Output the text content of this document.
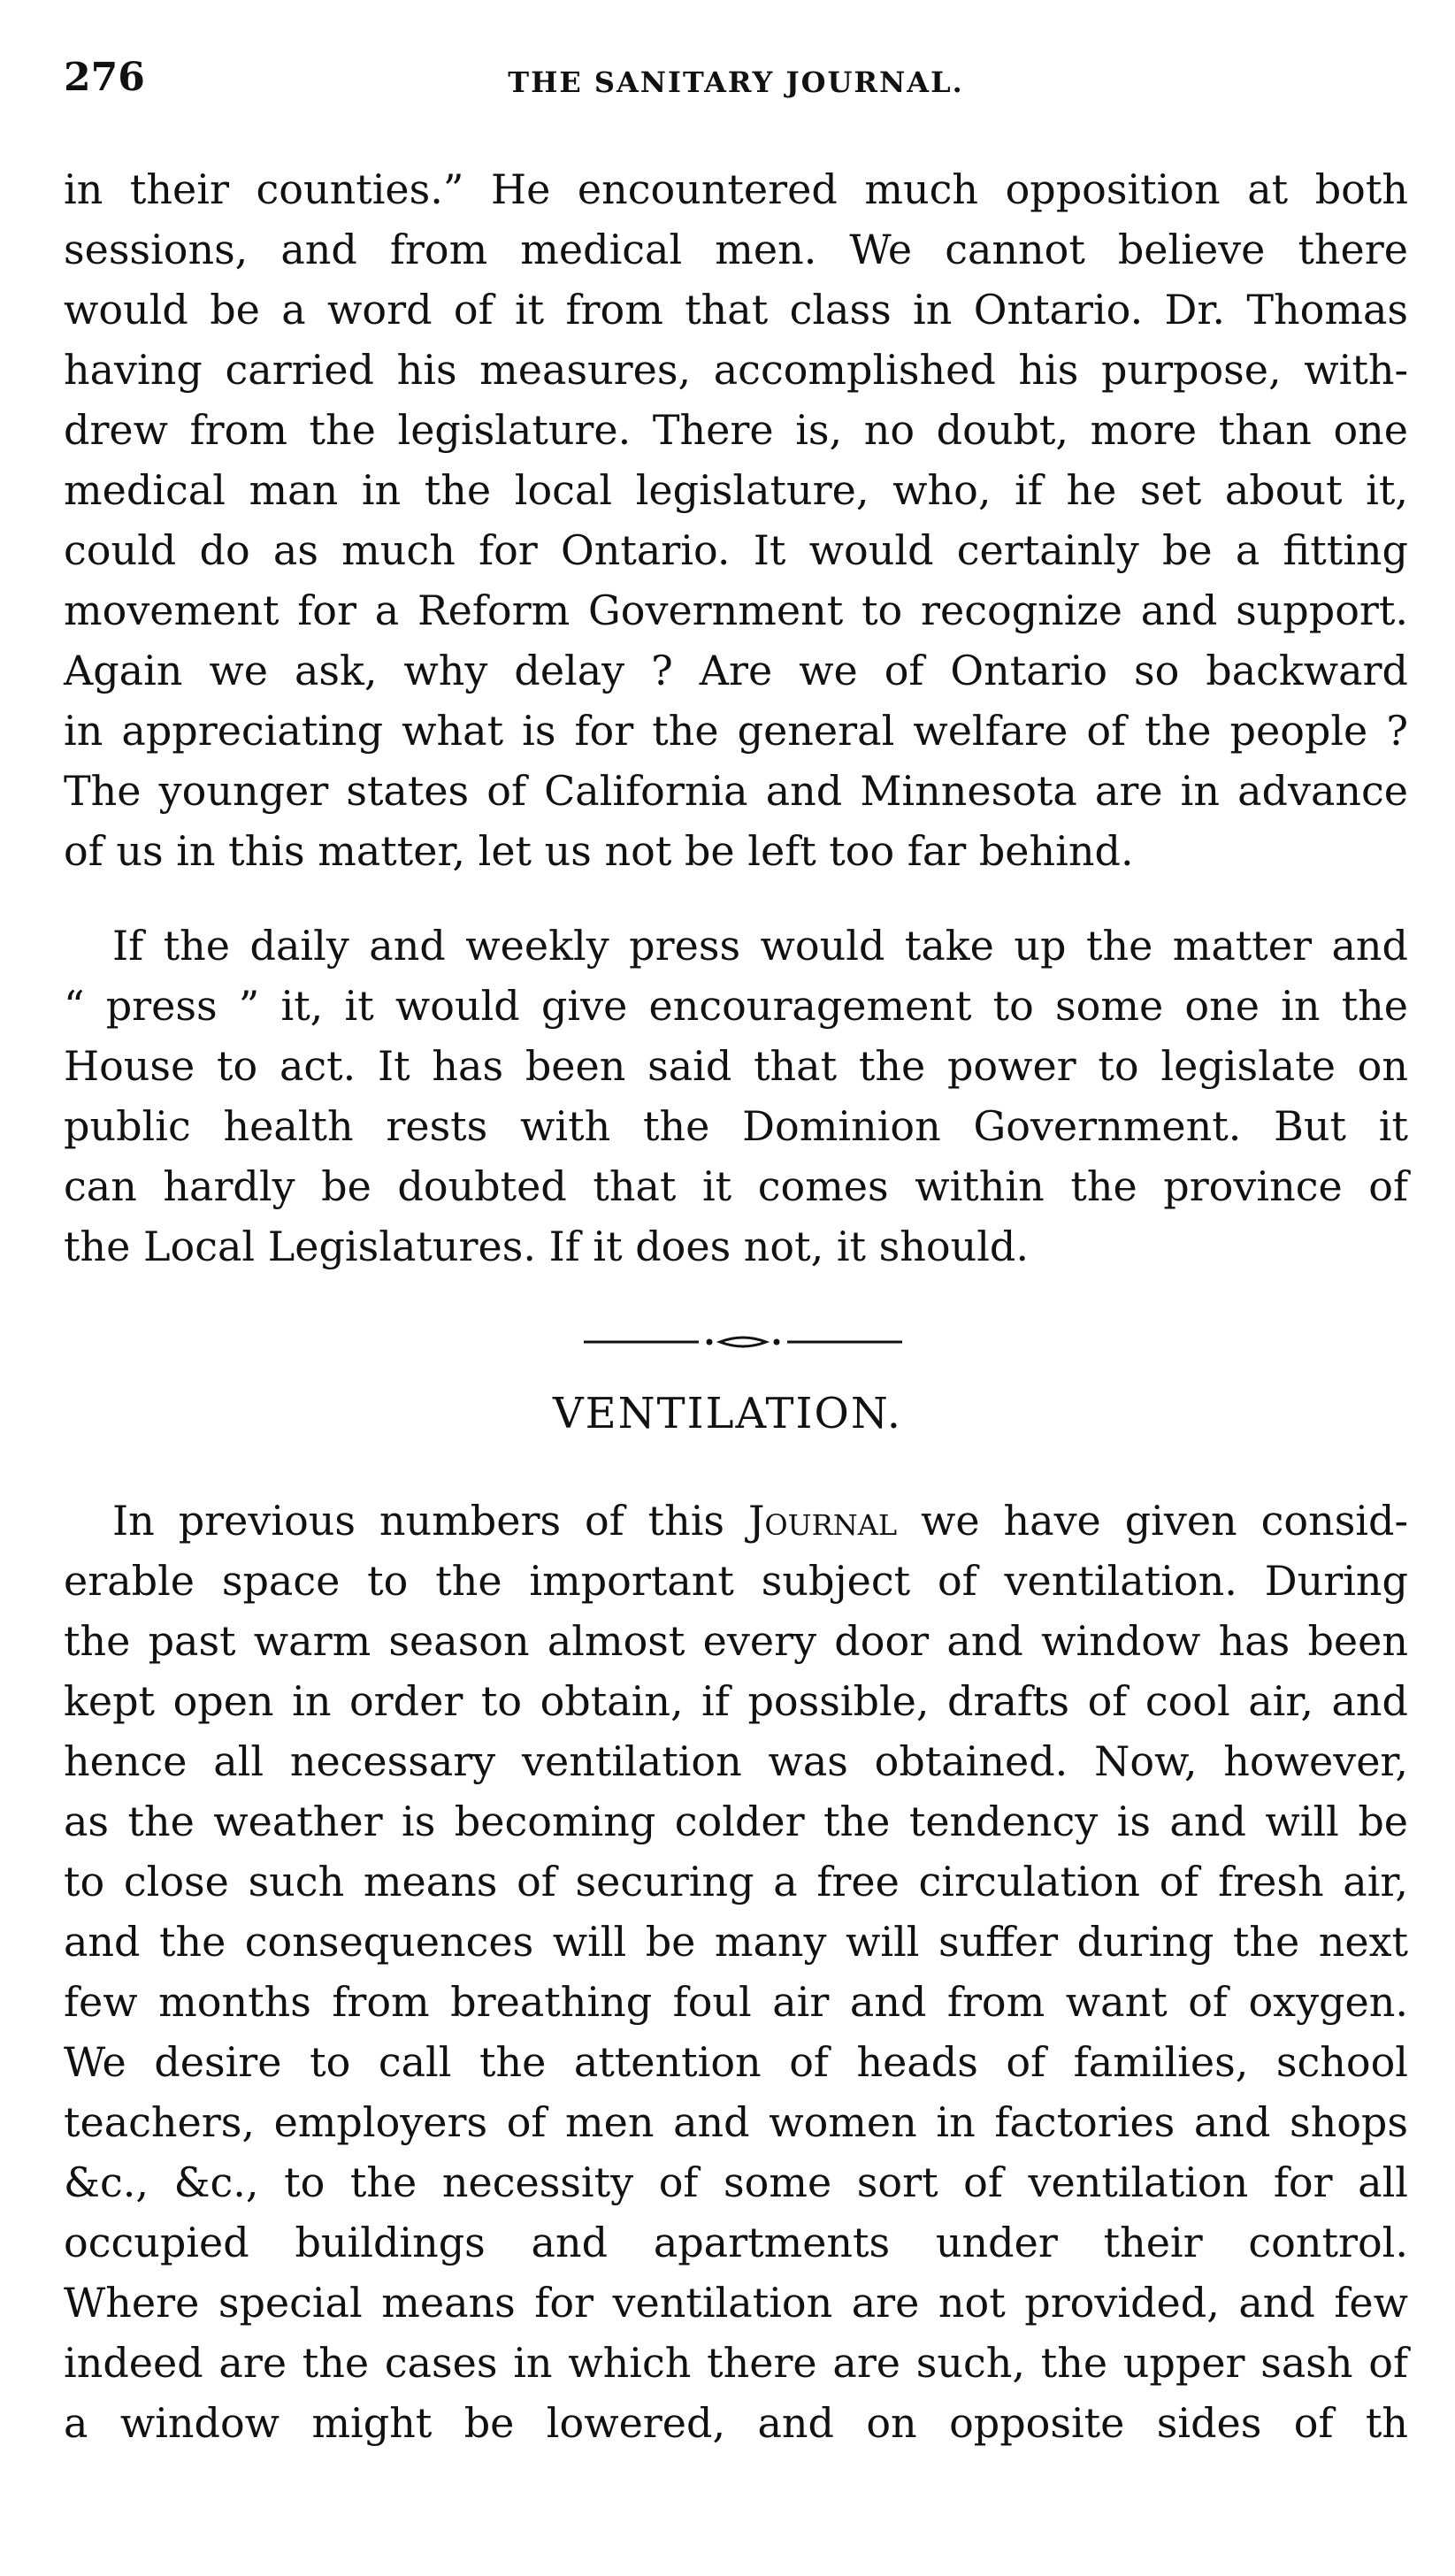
276	THE SANITARY JOURNAL.
in their counties.” He encountered much opposition at both
sessions, and from medical men. We cannot believe there
would be a word of it from that class in Ontario. Dr. Thomas
having carried his measures, accomplished his purpose, with-
drew from the legislature. There is, no doubt, more than one
medical man in the local legislature, who, if he set about it,
could do as much for Ontario. It would certainly be a fitting
movement for a Reform Government to recognize and support.
Again we ask, why delay ? Are we of Ontario so backward
in appreciating what is for the general welfare of the people ?
The younger states of California and Minnesota are in advance
of us in this matter, let us not be left too far behind.
If the daily and weekly press would take up the matter and
“ press ” it, it would give encouragement to some one in the
House to act. It has been said that the power to legislate on
public health rests with the Dominion Government. But it
can hardly be doubted that it comes within the province of
the Local Legislatures. If it does not, it should.
VENTILATION.
In previous numbers of this Journal we have given consid-
erable space to the important subject of ventilation. During
the past warm season almost every door and window has been
kept open in order to obtain, if possible, drafts of cool air, and
hence all necessary ventilation was obtained. Now, however,
as the weather is becoming colder the tendency is and will be
to close such means of securing a free circulation of fresh air,
and the consequences will be many will suffer during the next
few months from breathing foul air and from want of oxygen.
We desire to call the attention of heads of families, school
teachers, employers of men and women in factories and shops
&c., &c., to the necessity of some sort of ventilation for all
occupied buildings and apartments under their control.
Where special means for ventilation are not provided, and few
indeed are the cases in which there are such, the upper sash of
a window might be lowered, and on opposite sides of th
